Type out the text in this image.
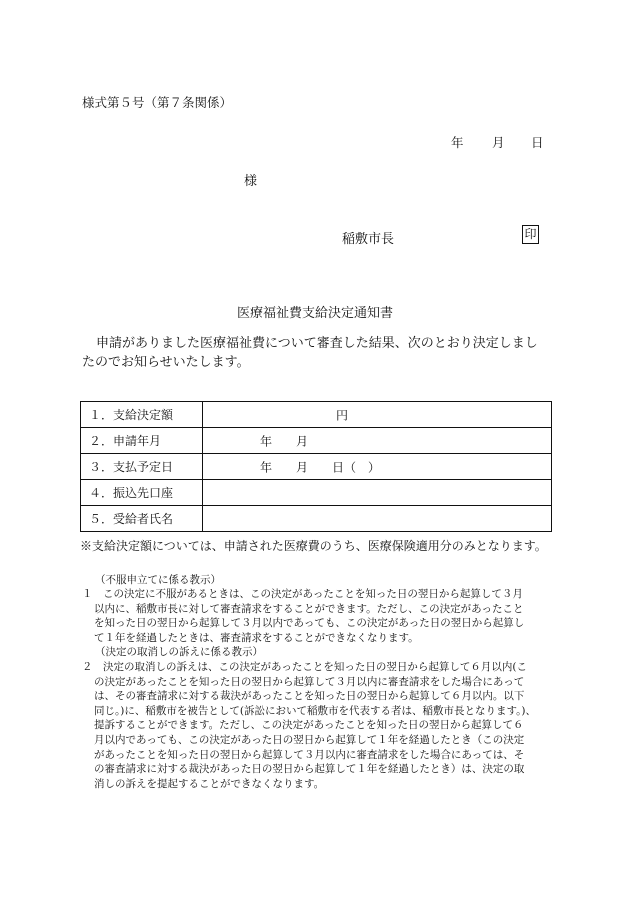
様式第５号（第７条関係）
年 月 日
様
稲敷市長	印
医療福祉費支給決定通知書
申請がありました医療福祉費について審査した結果、次のとおり決定しまし
たのでお知らせいたします。
１．支給決定額	円

２．申請年月	年 月

３．支払予定日	年 月 日（　）

４．振込先口座	
５．受給者氏名	
※支給決定額については、申請された医療費のうち、医療保険適用分のみとなります。
（不服申立てに係る教示）
１　この決定に不服があるときは、この決定があったことを知った日の翌日から起算して３月
以内に、稲敷市長に対して審査請求をすることができます。ただし、この決定があったこと
を知った日の翌日から起算して３月以内であっても、この決定があった日の翌日から起算し
て１年を経過したときは、審査請求をすることができなくなります。
（決定の取消しの訴えに係る教示）
２　決定の取消しの訴えは、この決定があったことを知った日の翌日から起算して６月以内(こ
の決定があったことを知った日の翌日から起算して３月以内に審査請求をした場合にあって
は、その審査請求に対する裁決があったことを知った日の翌日から起算して６月以内。以下
同じ。)に、稲敷市を被告として(訴訟において稲敷市を代表する者は、稲敷市長となります。)、
提訴することができます。ただし、この決定があったことを知った日の翌日から起算して６
月以内であっても、この決定があった日の翌日から起算して１年を経過したとき（この決定
があったことを知った日の翌日から起算して３月以内に審査請求をした場合にあっては、そ
の審査請求に対する裁決があった日の翌日から起算して１年を経過したとき）は、決定の取
消しの訴えを提起することができなくなります。
